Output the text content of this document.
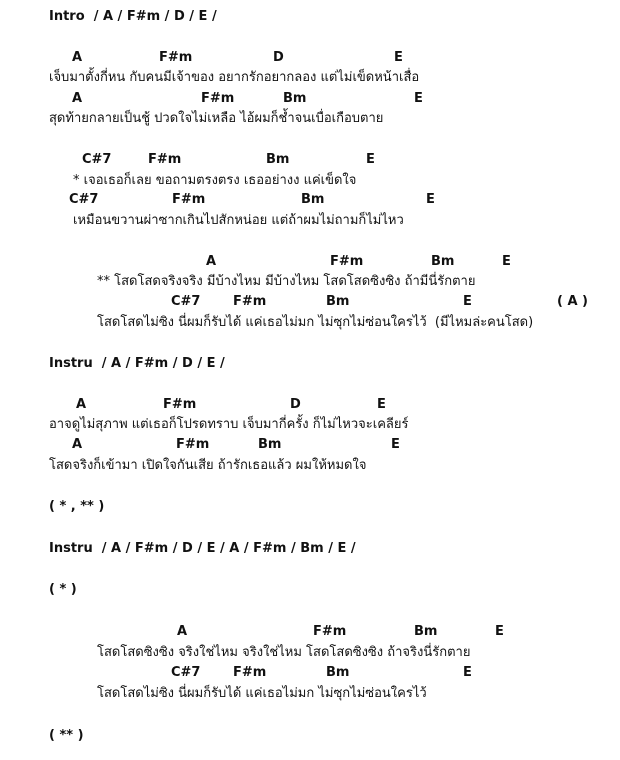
Intro  / A / F#m / D / E /
A	F#m	D	E
เจ็บมาตั้งกี่หน กับคนมีเจ้าของ อยากรักอยากลอง แต่ไม่เข็ดหน้าเสื่อ
A	F#m	Bm	E
สุดท้ายกลายเป็นชู้ ปวดใจไม่เหลือ ไอ้ผมก็ช้ำจนเบื่อเกือบตาย
C#7	F#m	Bm	E
* เจอเธอก็เลย ขอถามตรงตรง เธออย่างง แค่เข็ดใจ
C#7	F#m	Bm	E
เหมือนขวานผ่าซากเกินไปสักหน่อย แต่ถ้าผมไม่ถามก็ไม่ไหว
A	F#m	Bm	E
** โสดโสดจริงจริง มีบ้างไหม มีบ้างไหม โสดโสดซิงซิง ถ้ามีนี่รักตาย
C#7	F#m	Bm	E	( A )
โสดโสดไม่ซิง นี่ผมก็รับได้ แค่เธอไม่มก ไม่ซุกไม่ซ่อนใครไว้  (มีไหมล่ะคนโสด)
Instru  / A / F#m / D / E /
A	F#m	D	E
อาจดูไม่สุภาพ แต่เธอก็โปรดทราบ เจ็บมากี่ครั้ง ก็ไม่ไหวจะเคลียร์
A	F#m	Bm	E
โสดจริงก็เข้ามา เปิดใจกันเสีย ถ้ารักเธอแล้ว ผมให้หมดใจ
( * , ** )
Instru  / A / F#m / D / E / A / F#m / Bm / E /
( * )
A	F#m	Bm	E
โสดโสดซิงซิง จริงใช่ไหม จริงใช่ไหม โสดโสดซิงซิง ถ้าจริงนี่รักตาย
C#7	F#m	Bm	E
โสดโสดไม่ซิง นี่ผมก็รับได้ แค่เธอไม่มก ไม่ซุกไม่ซ่อนใครไว้
( ** )
